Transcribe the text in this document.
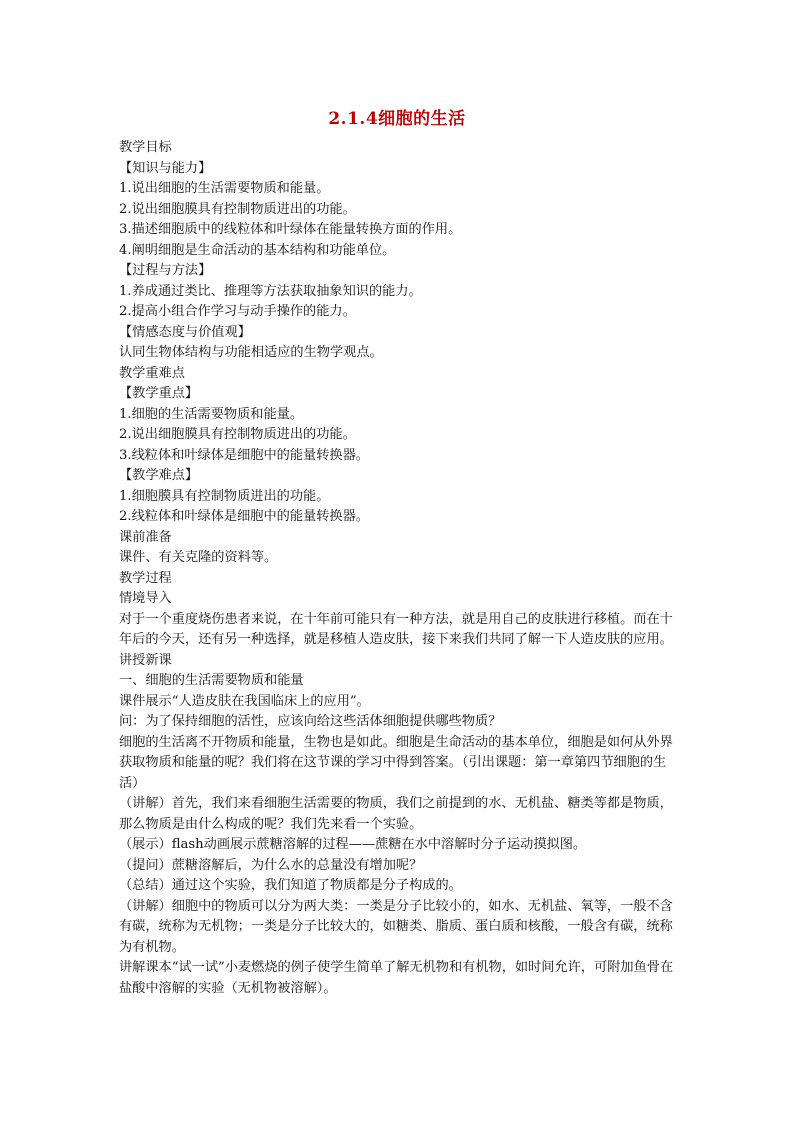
2.1.4细胞的生活

教学目标

【知识与能力】

1.说出细胞的生活需要物质和能量。

2.说出细胞膜具有控制物质进出的功能。

3.描述细胞质中的线粒体和叶绿体在能量转换方面的作用。

4.阐明细胞是生命活动的基本结构和功能单位。

【过程与方法】

1.养成通过类比、推理等方法获取抽象知识的能力。

2.提高小组合作学习与动手操作的能力。

【情感态度与价值观】

认同生物体结构与功能相适应的生物学观点。

教学重难点

【教学重点】

1.细胞的生活需要物质和能量。

2.说出细胞膜具有控制物质进出的功能。

3.线粒体和叶绿体是细胞中的能量转换器。

【教学难点】

1.细胞膜具有控制物质进出的功能。

2.线粒体和叶绿体是细胞中的能量转换器。

课前准备

课件、有关克隆的资料等。

教学过程

情境导入

对于一个重度烧伤患者来说，在十年前可能只有一种方法，就是用自己的皮肤进行移植。而在十年后的今天，还有另一种选择，就是移植人造皮肤，接下来我们共同了解一下人造皮肤的应用。

讲授新课

一、细胞的生活需要物质和能量

课件展示“人造皮肤在我国临床上的应用”。

问：为了保持细胞的活性，应该向给这些活体细胞提供哪些物质？

细胞的生活离不开物质和能量，生物也是如此。细胞是生命活动的基本单位，细胞是如何从外界获取物质和能量的呢？我们将在这节课的学习中得到答案。（引出课题：第一章第四节细胞的生活）

（讲解）首先，我们来看细胞生活需要的物质，我们之前提到的水、无机盐、糖类等都是物质，那么物质是由什么构成的呢？我们先来看一个实验。

（展示）flash动画展示蔗糖溶解的过程——蔗糖在水中溶解时分子运动摸拟图。

（提问）蔗糖溶解后，为什么水的总量没有增加呢？

（总结）通过这个实验，我们知道了物质都是分子构成的。

（讲解）细胞中的物质可以分为两大类：一类是分子比较小的，如水、无机盐、氧等，一般不含有碳，统称为无机物；一类是分子比较大的，如糖类、脂质、蛋白质和核酸，一般含有碳，统称为有机物。

讲解课本“试一试”小麦燃烧的例子使学生简单了解无机物和有机物，如时间允许，可附加鱼骨在盐酸中溶解的实验（无机物被溶解）。
